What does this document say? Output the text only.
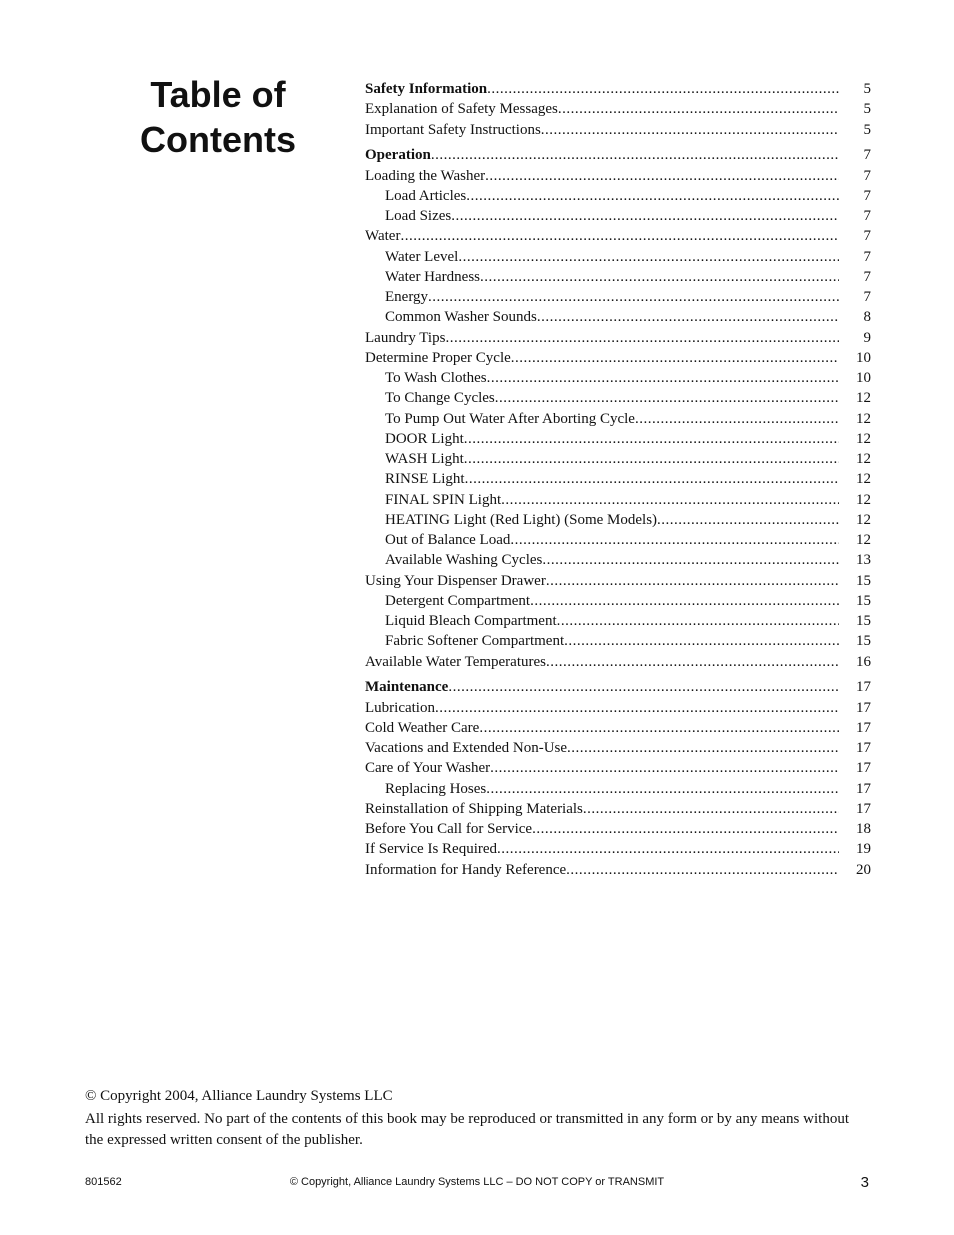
Table of
Contents
Safety Information .....	5
Explanation of Safety Messages .....	5
Important Safety Instructions .....	5
Operation .....	7
Loading the Washer .....	7
Load Articles .....	7
Load Sizes .....	7
Water .....	7
Water Level .....	7
Water Hardness .....	7
Energy .....	7
Common Washer Sounds .....	8
Laundry Tips .....	9
Determine Proper Cycle .....	10
To Wash Clothes .....	10
To Change Cycles .....	12
To Pump Out Water After Aborting Cycle .....	12
DOOR Light .....	12
WASH Light .....	12
RINSE Light .....	12
FINAL SPIN Light .....	12
HEATING Light (Red Light) (Some Models) .....	12
Out of Balance Load .....	12
Available Washing Cycles .....	13
Using Your Dispenser Drawer .....	15
Detergent Compartment .....	15
Liquid Bleach Compartment .....	15
Fabric Softener Compartment .....	15
Available Water Temperatures .....	16
Maintenance .....	17
Lubrication .....	17
Cold Weather Care .....	17
Vacations and Extended Non-Use .....	17
Care of Your Washer .....	17
Replacing Hoses .....	17
Reinstallation of Shipping Materials .....	17
Before You Call for Service .....	18
If Service Is Required .....	19
Information for Handy Reference .....	20

© Copyright 2004, Alliance Laundry Systems LLC

All rights reserved. No part of the contents of this book may be reproduced or transmitted in any form or by any means without the expressed written consent of the publisher.

801562	© Copyright, Alliance Laundry Systems LLC – DO NOT COPY or TRANSMIT	3
